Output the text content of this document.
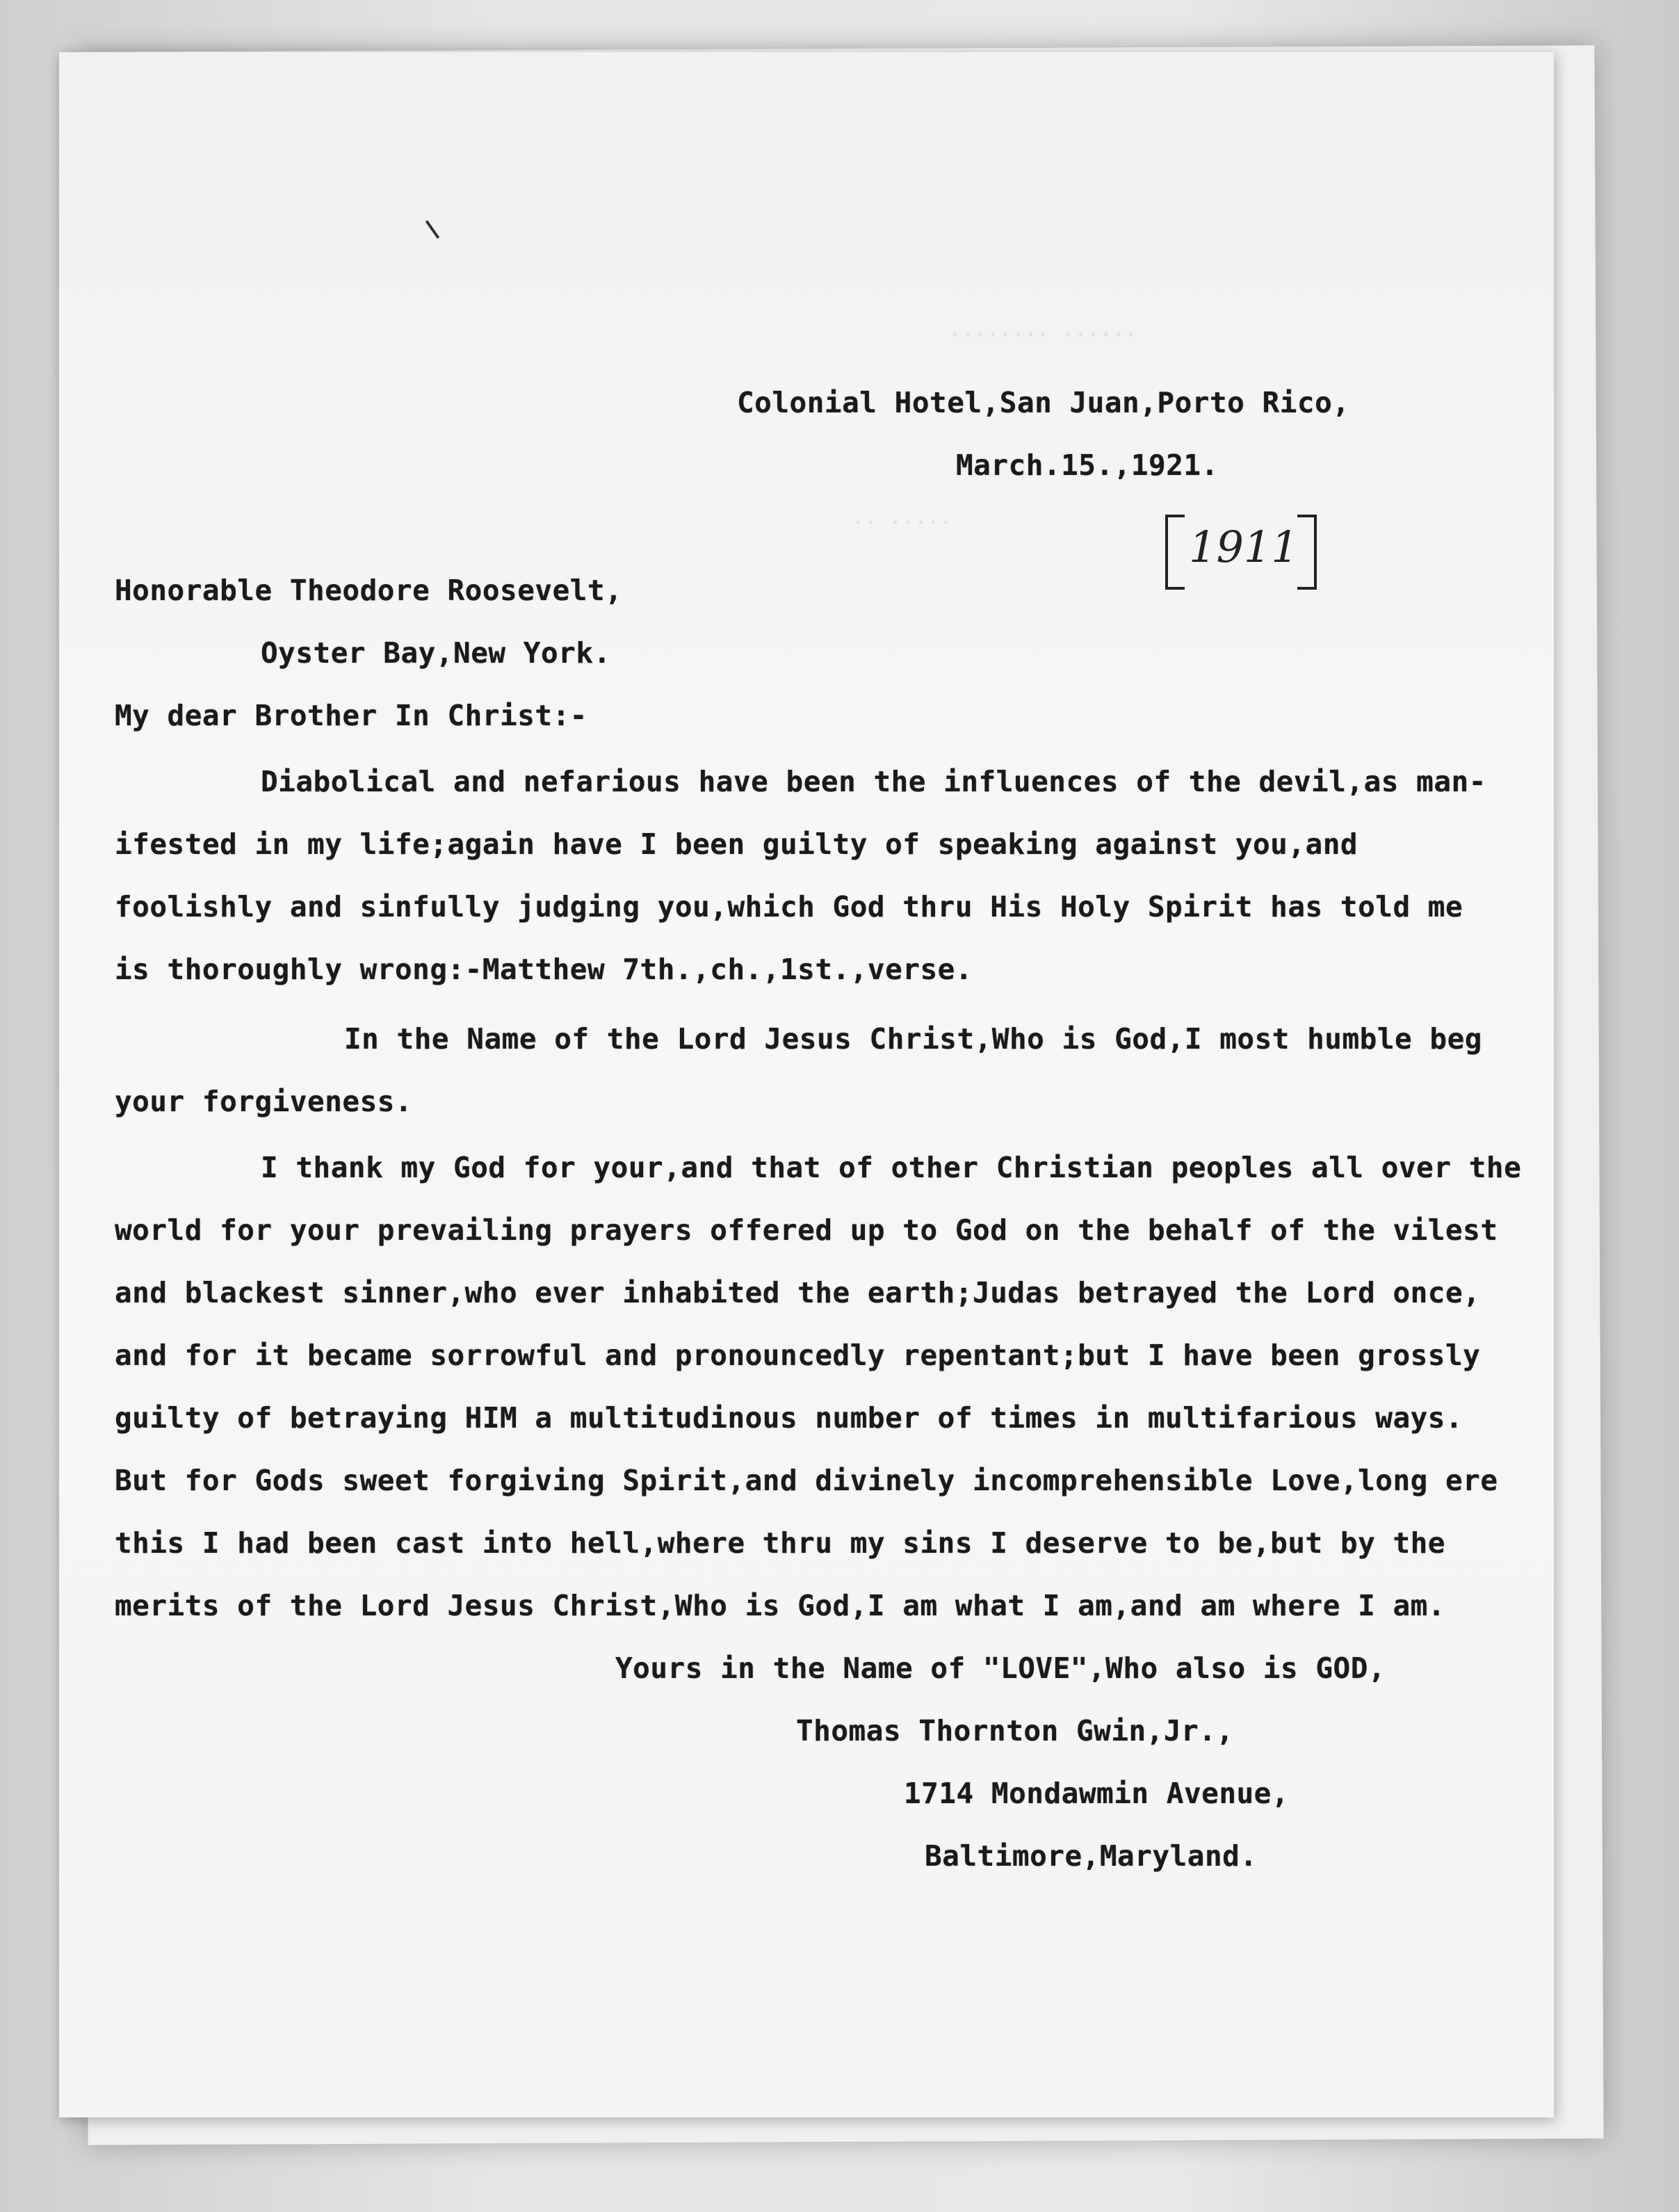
········ ······
·· ·····
Colonial Hotel,San Juan,Porto Rico,
March.15.,1921.
1911
Honorable Theodore Roosevelt,
Oyster Bay,New York.
My dear Brother In Christ:-
Diabolical and nefarious have been the influences of the devil,as man-
ifested in my life;again have I been guilty of speaking against you,and
foolishly and sinfully judging you,which God thru His Holy Spirit has told me
is thoroughly wrong:-Matthew 7th.,ch.,1st.,verse.
In the Name of the Lord Jesus Christ,Who is God,I most humble beg
your forgiveness.
I thank my God for your,and that of other Christian peoples all over the
world for your prevailing prayers offered up to God on the behalf of the vilest
and blackest sinner,who ever inhabited the earth;Judas betrayed the Lord once,
and for it became sorrowful and pronouncedly repentant;but I have been grossly
guilty of betraying HIM a multitudinous number of times in multifarious ways.
But for Gods sweet forgiving Spirit,and divinely incomprehensible Love,long ere
this I had been cast into hell,where thru my sins I deserve to be,but by the
merits of the Lord Jesus Christ,Who is God,I am what I am,and am where I am.
Yours in the Name of "LOVE",Who also is GOD,
Thomas Thornton Gwin,Jr.,
1714 Mondawmin Avenue,
Baltimore,Maryland.
